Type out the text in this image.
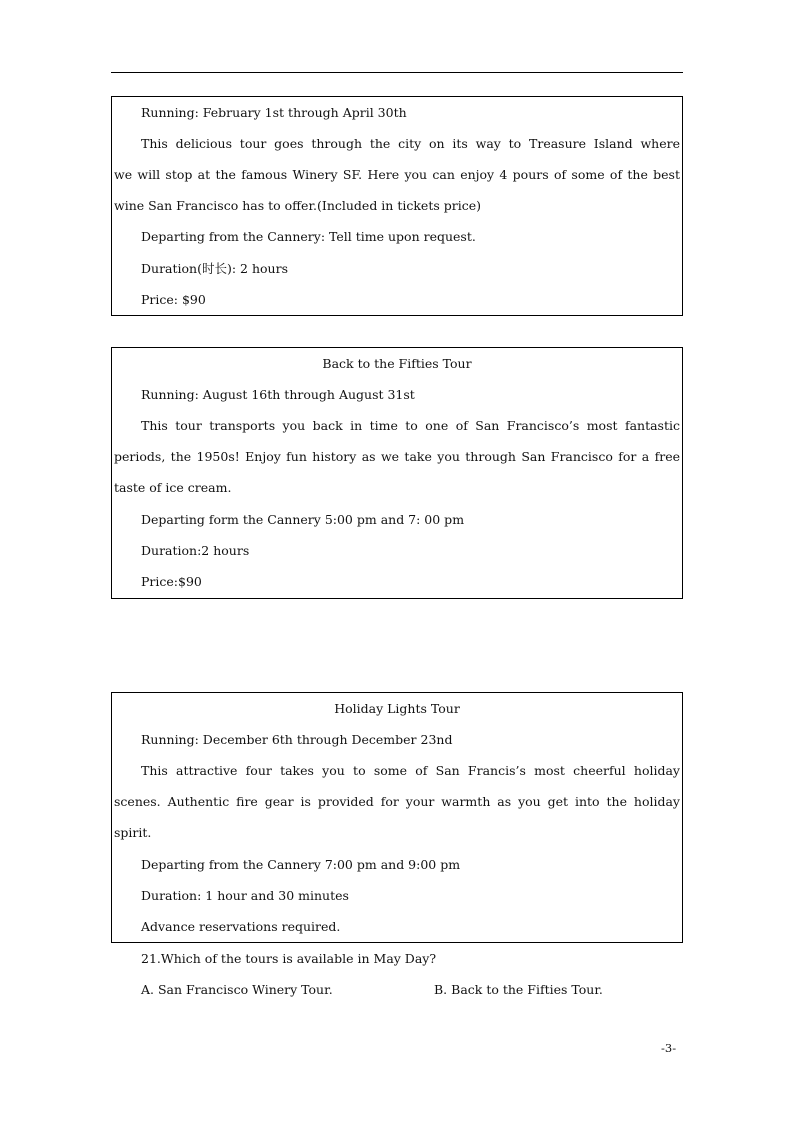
Running: February 1st through April 30th
This delicious tour goes through the city on its way to Treasure Island where
we will stop at the famous Winery SF. Here you can enjoy 4 pours of some of the best
wine San Francisco has to offer.(Included in tickets price)
Departing from the Cannery: Tell time upon request.
Duration(时长): 2 hours
Price: $90
Back to the Fifties Tour
Running: August 16th through August 31st
This tour transports you back in time to one of San Francisco’s most fantastic
periods, the 1950s! Enjoy fun history as we take you through San Francisco for a free
taste of ice cream.
Departing form the Cannery 5:00 pm and 7: 00 pm
Duration:2 hours
Price:$90
Holiday Lights Tour
Running: December 6th through December 23nd
This attractive four takes you to some of San Francis’s most cheerful holiday
scenes. Authentic fire gear is provided for your warmth as you get into the holiday
spirit.
Departing from the Cannery 7:00 pm and 9:00 pm
Duration: 1 hour and 30 minutes
Advance reservations required.
21.Which of the tours is available in May Day?
A. San Francisco Winery Tour.	B. Back to the Fifties Tour.
-3-
